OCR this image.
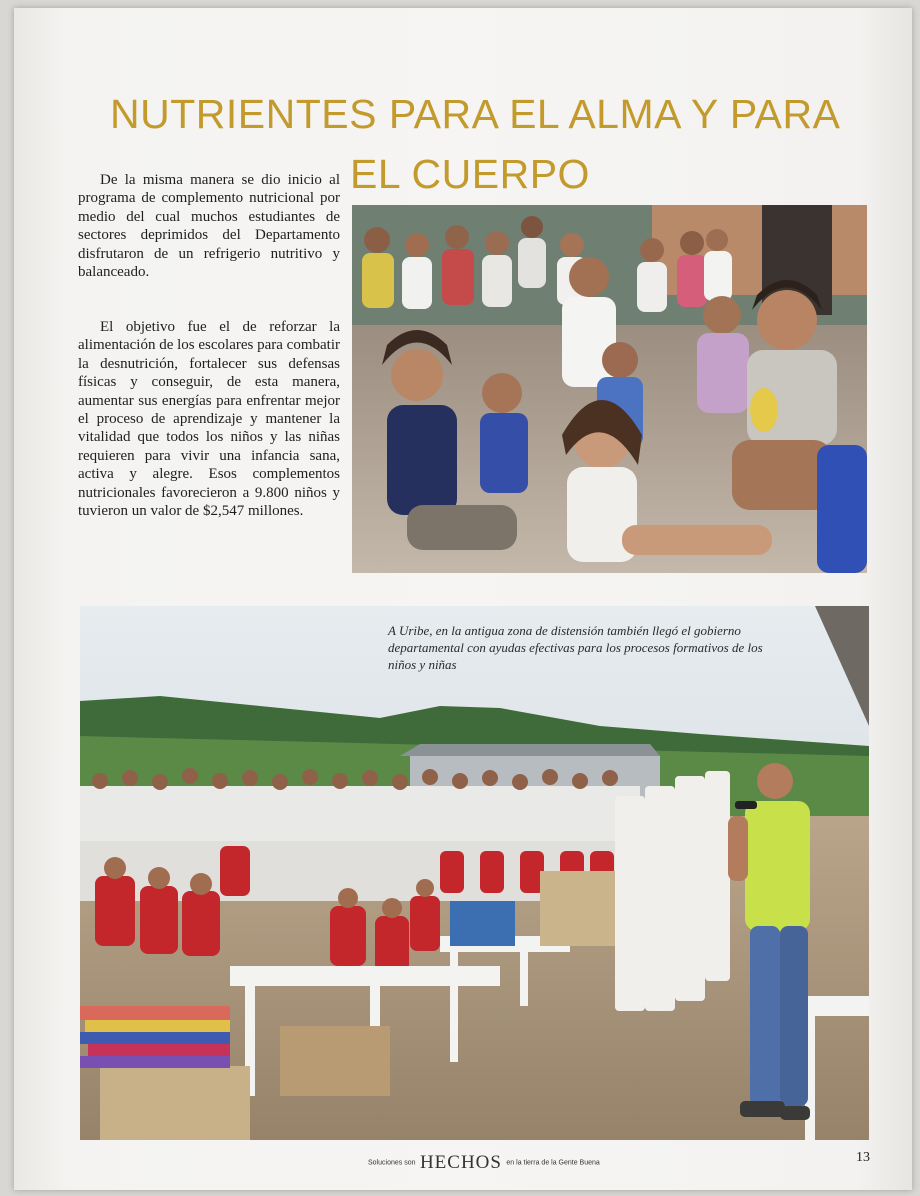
NUTRIENTES PARA EL ALMA Y PARA
EL CUERPO

De la misma manera se dio inicio al programa de complemento nutricional por medio del cual muchos estudiantes de sectores deprimidos del Departamento disfrutaron de un refrigerio nutritivo y balanceado.

El objetivo fue el de reforzar la alimentación de los escolares para combatir la desnutrición, fortalecer sus defensas físicas y conseguir, de esta manera, aumentar sus energías para enfrentar mejor el proceso de aprendizaje y mantener la vitalidad que todos los niños y las niñas requieren para vivir una infancia sana, activa y alegre. Esos complementos nutricionales favorecieron a 9.800 niños y tuvieron un valor de $2,547 millones.

A Uribe, en la antigua zona de distensión también llegó el gobierno departamental con ayudas efectivas para los procesos formativos de los niños y niñas
Soluciones son HECHOS en la tierra de la Gente Buena	13
